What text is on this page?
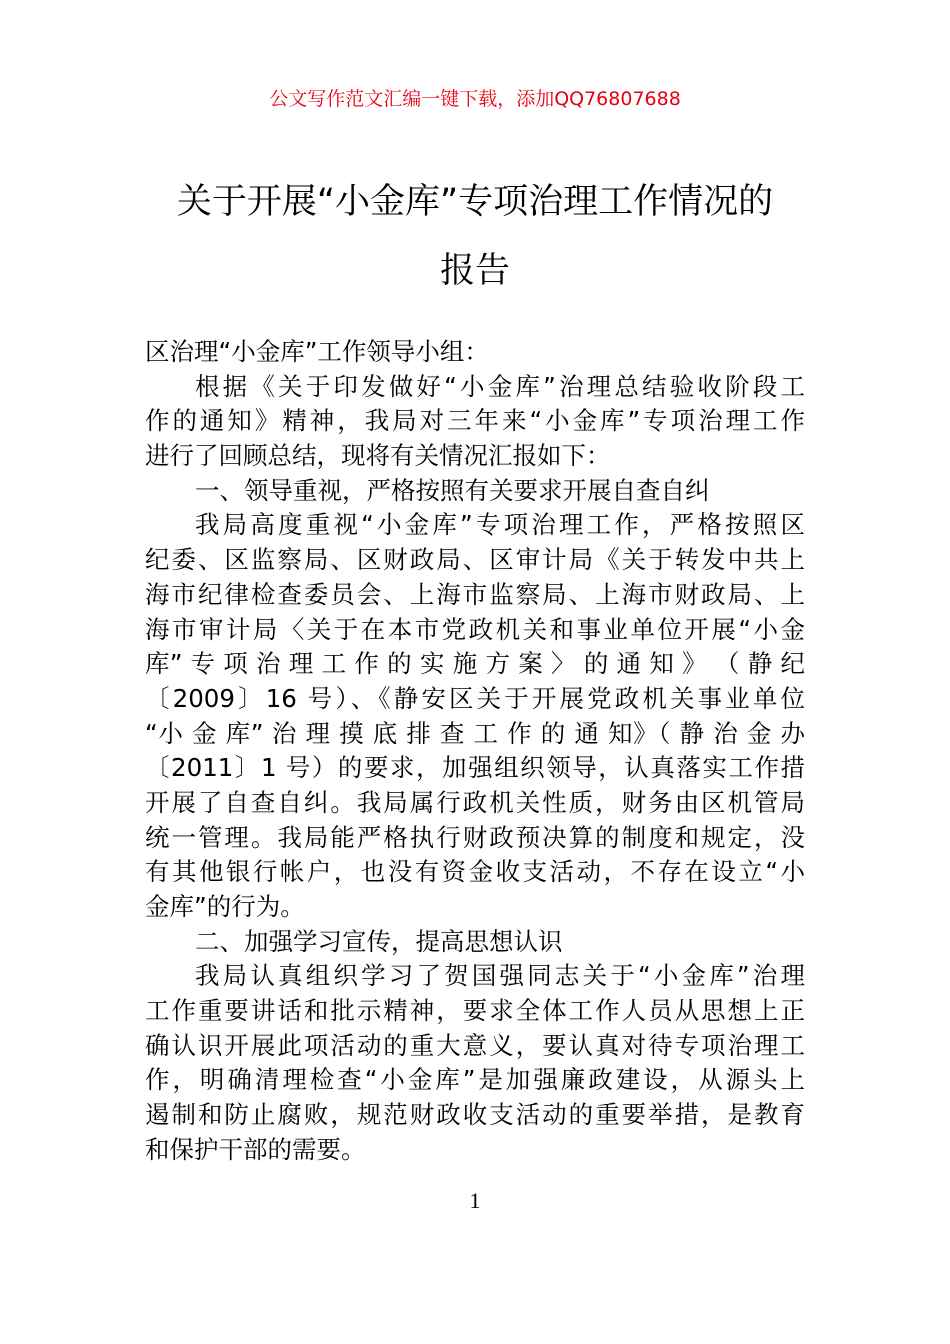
公文写作范文汇编一键下载，添加QQ76807688
关于开展“小金库”专项治理工作情况的
报告
区治理“小金库”工作领导小组：
根据《关于印发做好“小金库”治理总结验收阶段工
作的通知》精神，我局对三年来“小金库”专项治理工作
进行了回顾总结，现将有关情况汇报如下：
一、领导重视，严格按照有关要求开展自查自纠
我局高度重视“小金库”专项治理工作，严格按照区
纪委、区监察局、区财政局、区审计局《关于转发中共上
海市纪律检查委员会、上海市监察局、上海市财政局、上
海市审计局〈关于在本市党政机关和事业单位开展“小金
库” 专 项 治 理 工 作 的 实 施 方 案 〉 的 通 知 》 （ 静 纪
〔2009〕16 号）、《静安区关于开展党政机关事业单位
“小 金 库” 治 理 摸 底 排 查 工 作 的 通 知》（ 静 治 金 办
〔2011〕1 号）的要求，加强组织领导，认真落实工作措
开展了自查自纠。我局属行政机关性质，财务由区机管局
统一管理。我局能严格执行财政预决算的制度和规定，没
有其他银行帐户，也没有资金收支活动，不存在设立“小
金库”的行为。
二、加强学习宣传，提高思想认识
我局认真组织学习了贺国强同志关于“小金库”治理
工作重要讲话和批示精神，要求全体工作人员从思想上正
确认识开展此项活动的重大意义，要认真对待专项治理工
作，明确清理检查“小金库”是加强廉政建设，从源头上
遏制和防止腐败，规范财政收支活动的重要举措，是教育
和保护干部的需要。
1
